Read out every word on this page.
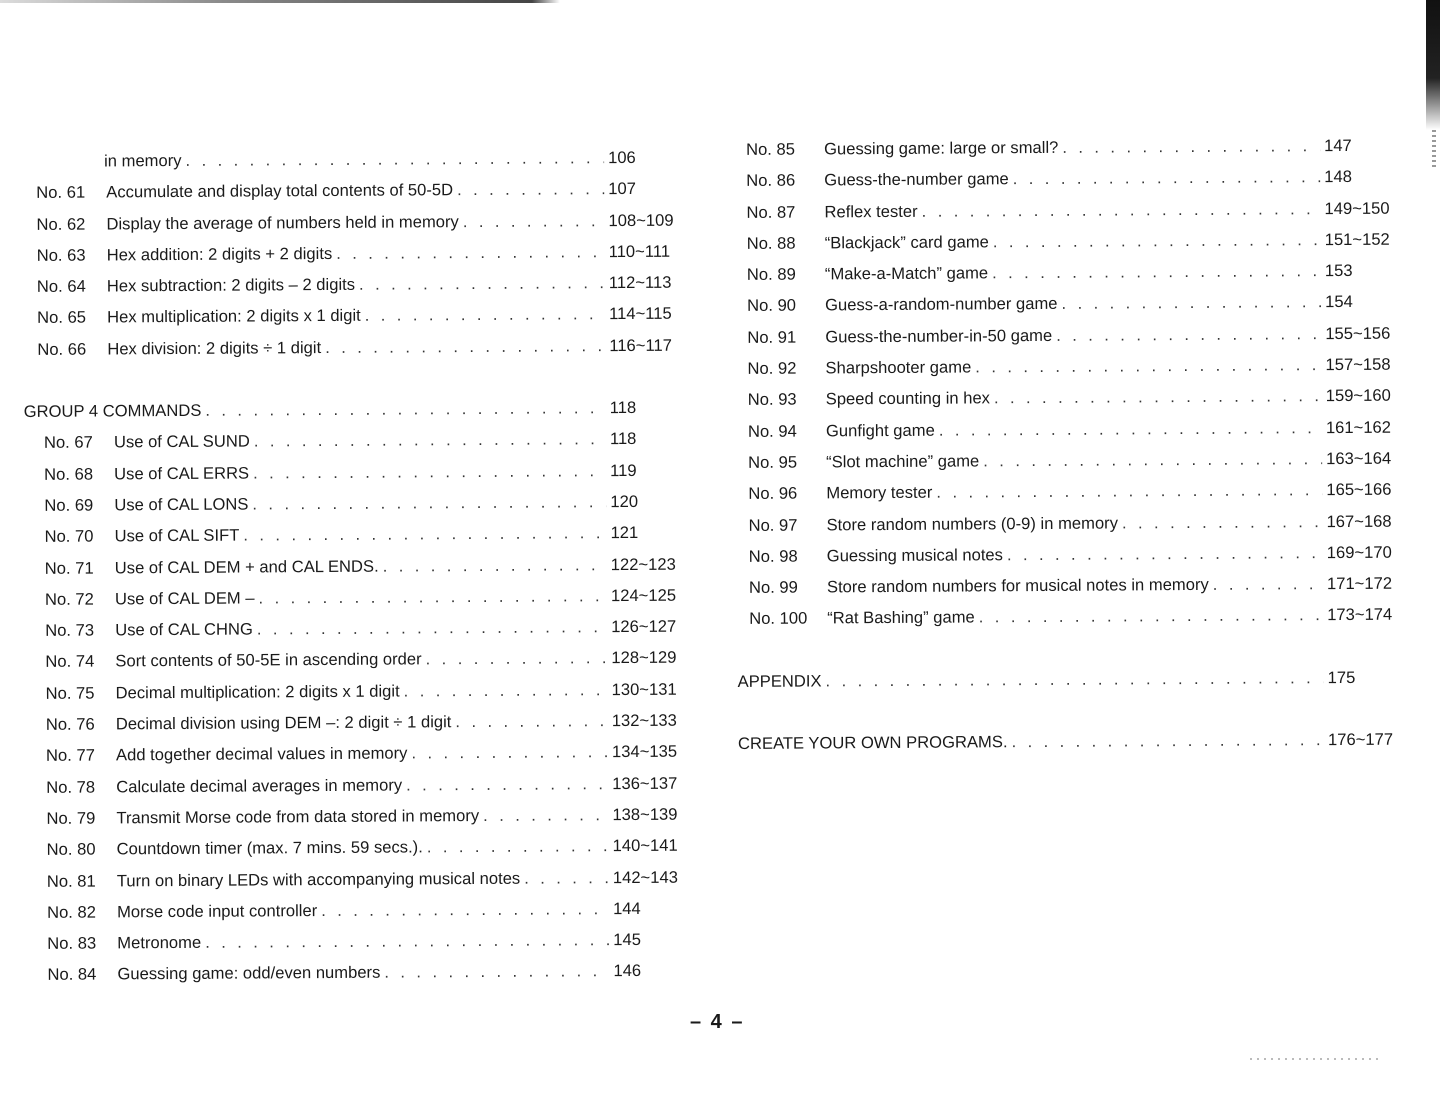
in memory . . .	106
No. 61	Accumulate and display total contents of 50-5D . . .	107
No. 62	Display the average of numbers held in memory . . .	108~109
No. 63	Hex addition: 2 digits + 2 digits . . .	110~111
No. 64	Hex subtraction: 2 digits – 2 digits . . .	112~113
No. 65	Hex multiplication: 2 digits x 1 digit . . .	114~115
No. 66	Hex division: 2 digits ÷ 1 digit . . .	116~117
GROUP 4 COMMANDS . . .	118
No. 67	Use of CAL SUND . . .	118
No. 68	Use of CAL ERRS . . .	119
No. 69	Use of CAL LONS . . .	120
No. 70	Use of CAL SIFT . . .	121
No. 71	Use of CAL DEM + and CAL ENDS. . . .	122~123
No. 72	Use of CAL DEM – . . .	124~125
No. 73	Use of CAL CHNG . . .	126~127
No. 74	Sort contents of 50-5E in ascending order . . .	128~129
No. 75	Decimal multiplication: 2 digits x 1 digit . . .	130~131
No. 76	Decimal division using DEM –: 2 digit ÷ 1 digit . . .	132~133
No. 77	Add together decimal values in memory . . .	134~135
No. 78	Calculate decimal averages in memory . . .	136~137
No. 79	Transmit Morse code from data stored in memory . . .	138~139
No. 80	Countdown timer (max. 7 mins. 59 secs.). . . .	140~141
No. 81	Turn on binary LEDs with accompanying musical notes . . .	142~143
No. 82	Morse code input controller . . .	144
No. 83	Metronome . . .	145
No. 84	Guessing game: odd/even numbers . . .	146
No. 85	Guessing game: large or small? . . .	147
No. 86	Guess-the-number game . . .	148
No. 87	Reflex tester . . .	149~150
No. 88	“Blackjack” card game . . .	151~152
No. 89	“Make-a-Match” game . . .	153
No. 90	Guess-a-random-number game . . .	154
No. 91	Guess-the-number-in-50 game . . .	155~156
No. 92	Sharpshooter game . . .	157~158
No. 93	Speed counting in hex . . .	159~160
No. 94	Gunfight game . . .	161~162
No. 95	“Slot machine” game . . .	163~164
No. 96	Memory tester . . .	165~166
No. 97	Store random numbers (0-9) in memory . . .	167~168
No. 98	Guessing musical notes . . .	169~170
No. 99	Store random numbers for musical notes in memory . . .	171~172
No. 100	“Rat Bashing” game . . .	173~174
APPENDIX . . .	175
CREATE YOUR OWN PROGRAMS. . . .	176~177
– 4 –
